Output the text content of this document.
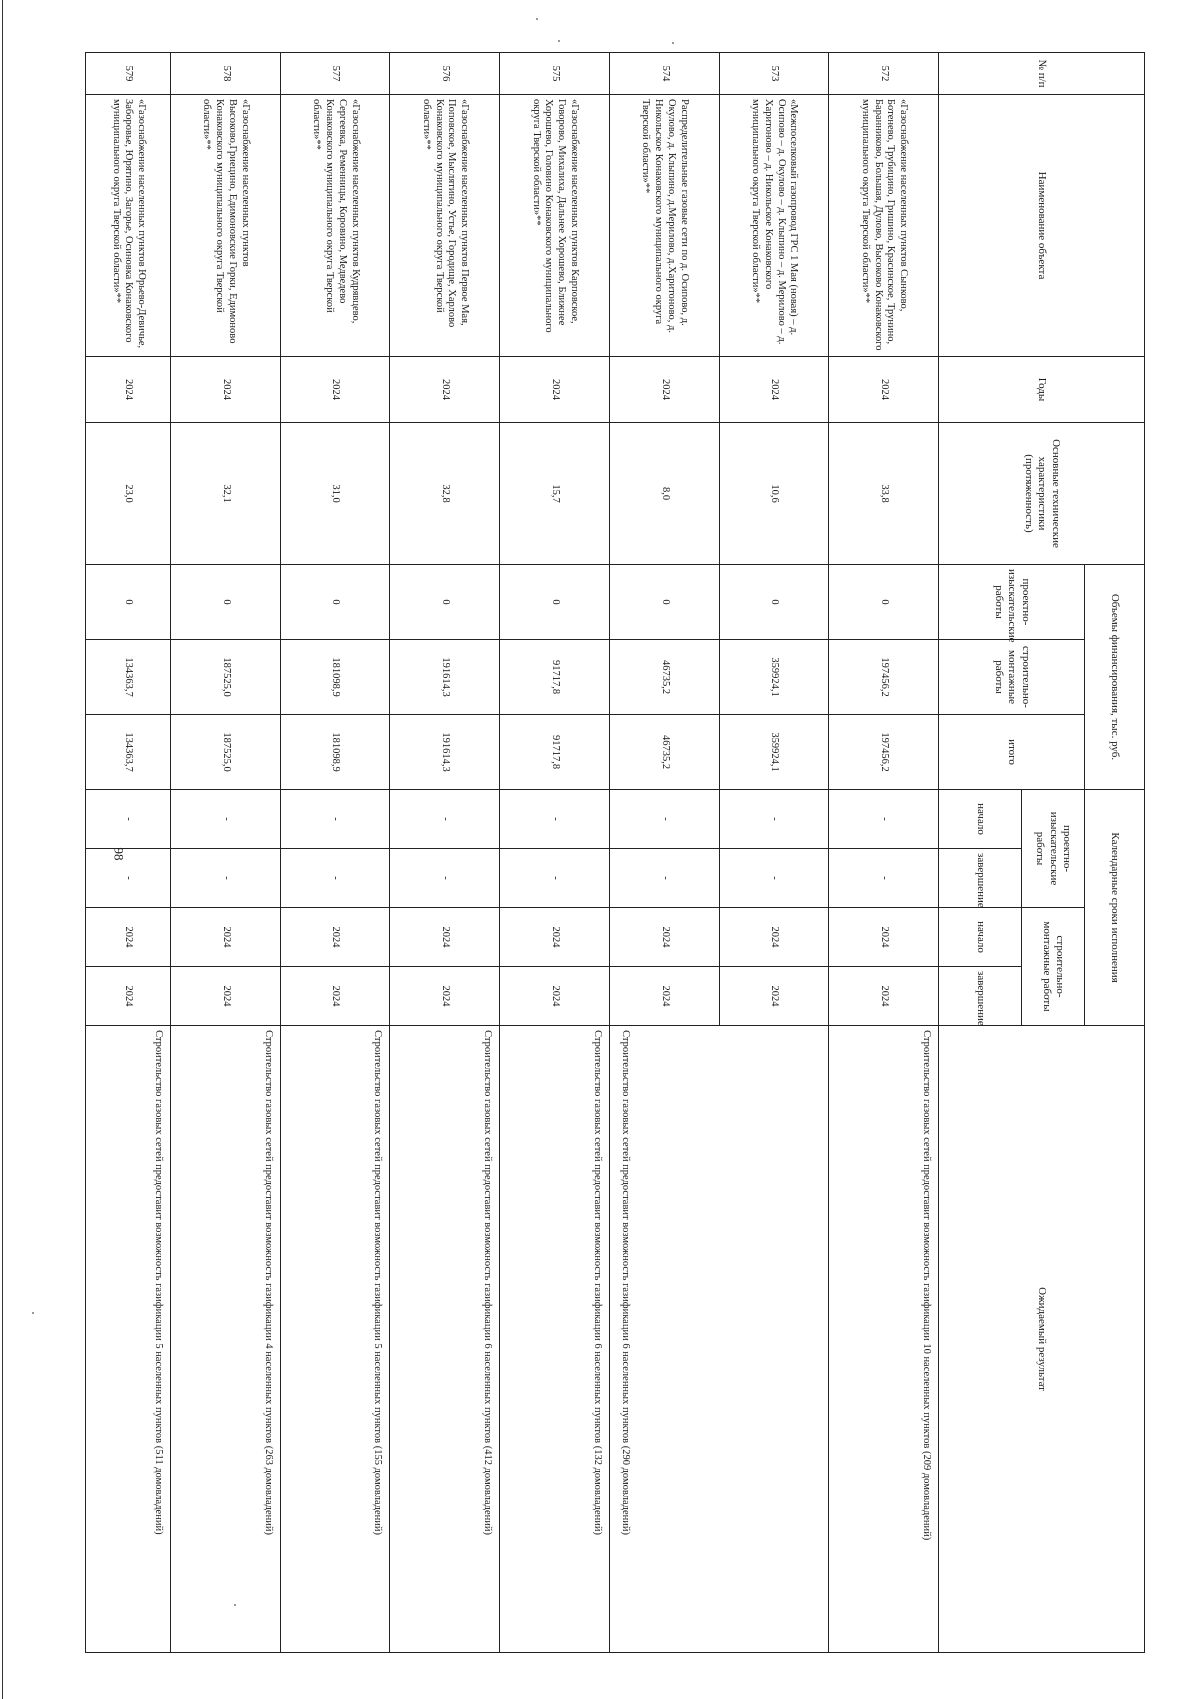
98
№ п/п	Наименование объекта	Годы	Основные технические характеристики (протяженность)	Объемы финансирования, тыс. руб.			Календарные сроки исполнения				Ожидаемый результат
				проектно-изыскательские работы	строительно-монтажные работы	итого	проектно-изыскательские работы		строительно-монтажные работы		
							начало	завершение	начало	завершение	
572	«Газоснабжение населенных пунктов Сынково, Ботенево, Трубицино, Гришино, Красинское, Трунино, Баранниково, Большая, Дулово, Высоково Конаковского муниципального округа Тверской области»**	2024	33,8	0	197456,2	197456,2	-	-	2024	2024	Строительство газовых сетей предоставит возможность газификации 10 населенных пунктов (209 домовладений)
573	«Межпоселковый газопровод ГРС 1 Мая (новая) – д. Осипово – д. Окулово – д. Клыпино – д. Мерилово – д. Харитоново – д. Никольское Конаковского муниципального округа Тверской области»**	2024	10,6	0	359924,1	359924,1	-	-	2024	2024	Строительство газовых сетей предоставит возможность газификации 6 населенных пунктов (290 домовладений)
574	Распределительные газовые сети по д. Осипово, д. Окулово, д. Клыпино, д.Мерилово, д.Харитоново, д. Никольское Конаковского муниципального округа Тверской области»**	2024	8,0	0	46735,2	46735,2	-	-	2024	2024	
575	«Газоснабжение населенных пунктов Карповское, Говорово, Михалиха, Дальнее Хорошево, Ближнее Хорошево, Головино Конаковского муниципального округа Тверской области»**	2024	15,7	0	91717,8	91717,8	-	-	2024	2024	Строительство газовых сетей предоставит возможность газификации 6 населенных пунктов (132 домовладений)
576	«Газоснабжение населенных пунктов Первое Мая, Поповское, Мыслятино, Устье, Городище, Харлово Конаковского муниципального округа Тверской области»**	2024	32,8	0	191614,3	191614,3	-	-	2024	2024	Строительство газовых сетей предоставит возможность газификации 6 населенных пунктов (412 домовладений)
577	«Газоснабжение населенных пунктов Кудрявцево, Сергеевка, Ременницы, Коровино, Медведево Конаковского муниципального округа Тверской области»**	2024	31,0	0	181098,9	181098,9	-	-	2024	2024	Строительство газовых сетей предоставит возможность газификации 5 населенных пунктов (155 домовладений)
578	«Газоснабжение населенных пунктов Высоково,Гриецино, Едимоновские Горки, Едимоново Конаковского муниципального округа Тверской области»**	2024	32,1	0	187525,0	187525,0	-	-	2024	2024	Строительство газовых сетей предоставит возможность газификации 4 населенных пунктов (263 домовладений)
579	«Газоснабжение населенных пунктов Юрьево-Девичье, Заборовье, Юрятино, Загорье, Осиновка Конаковского муниципального округа Тверской области»**	2024	23,0	0	134363,7	134363,7	-	-	2024	2024	Строительство газовых сетей предоставит возможность газификации 5 населенных пунктов (511 домовладений)
